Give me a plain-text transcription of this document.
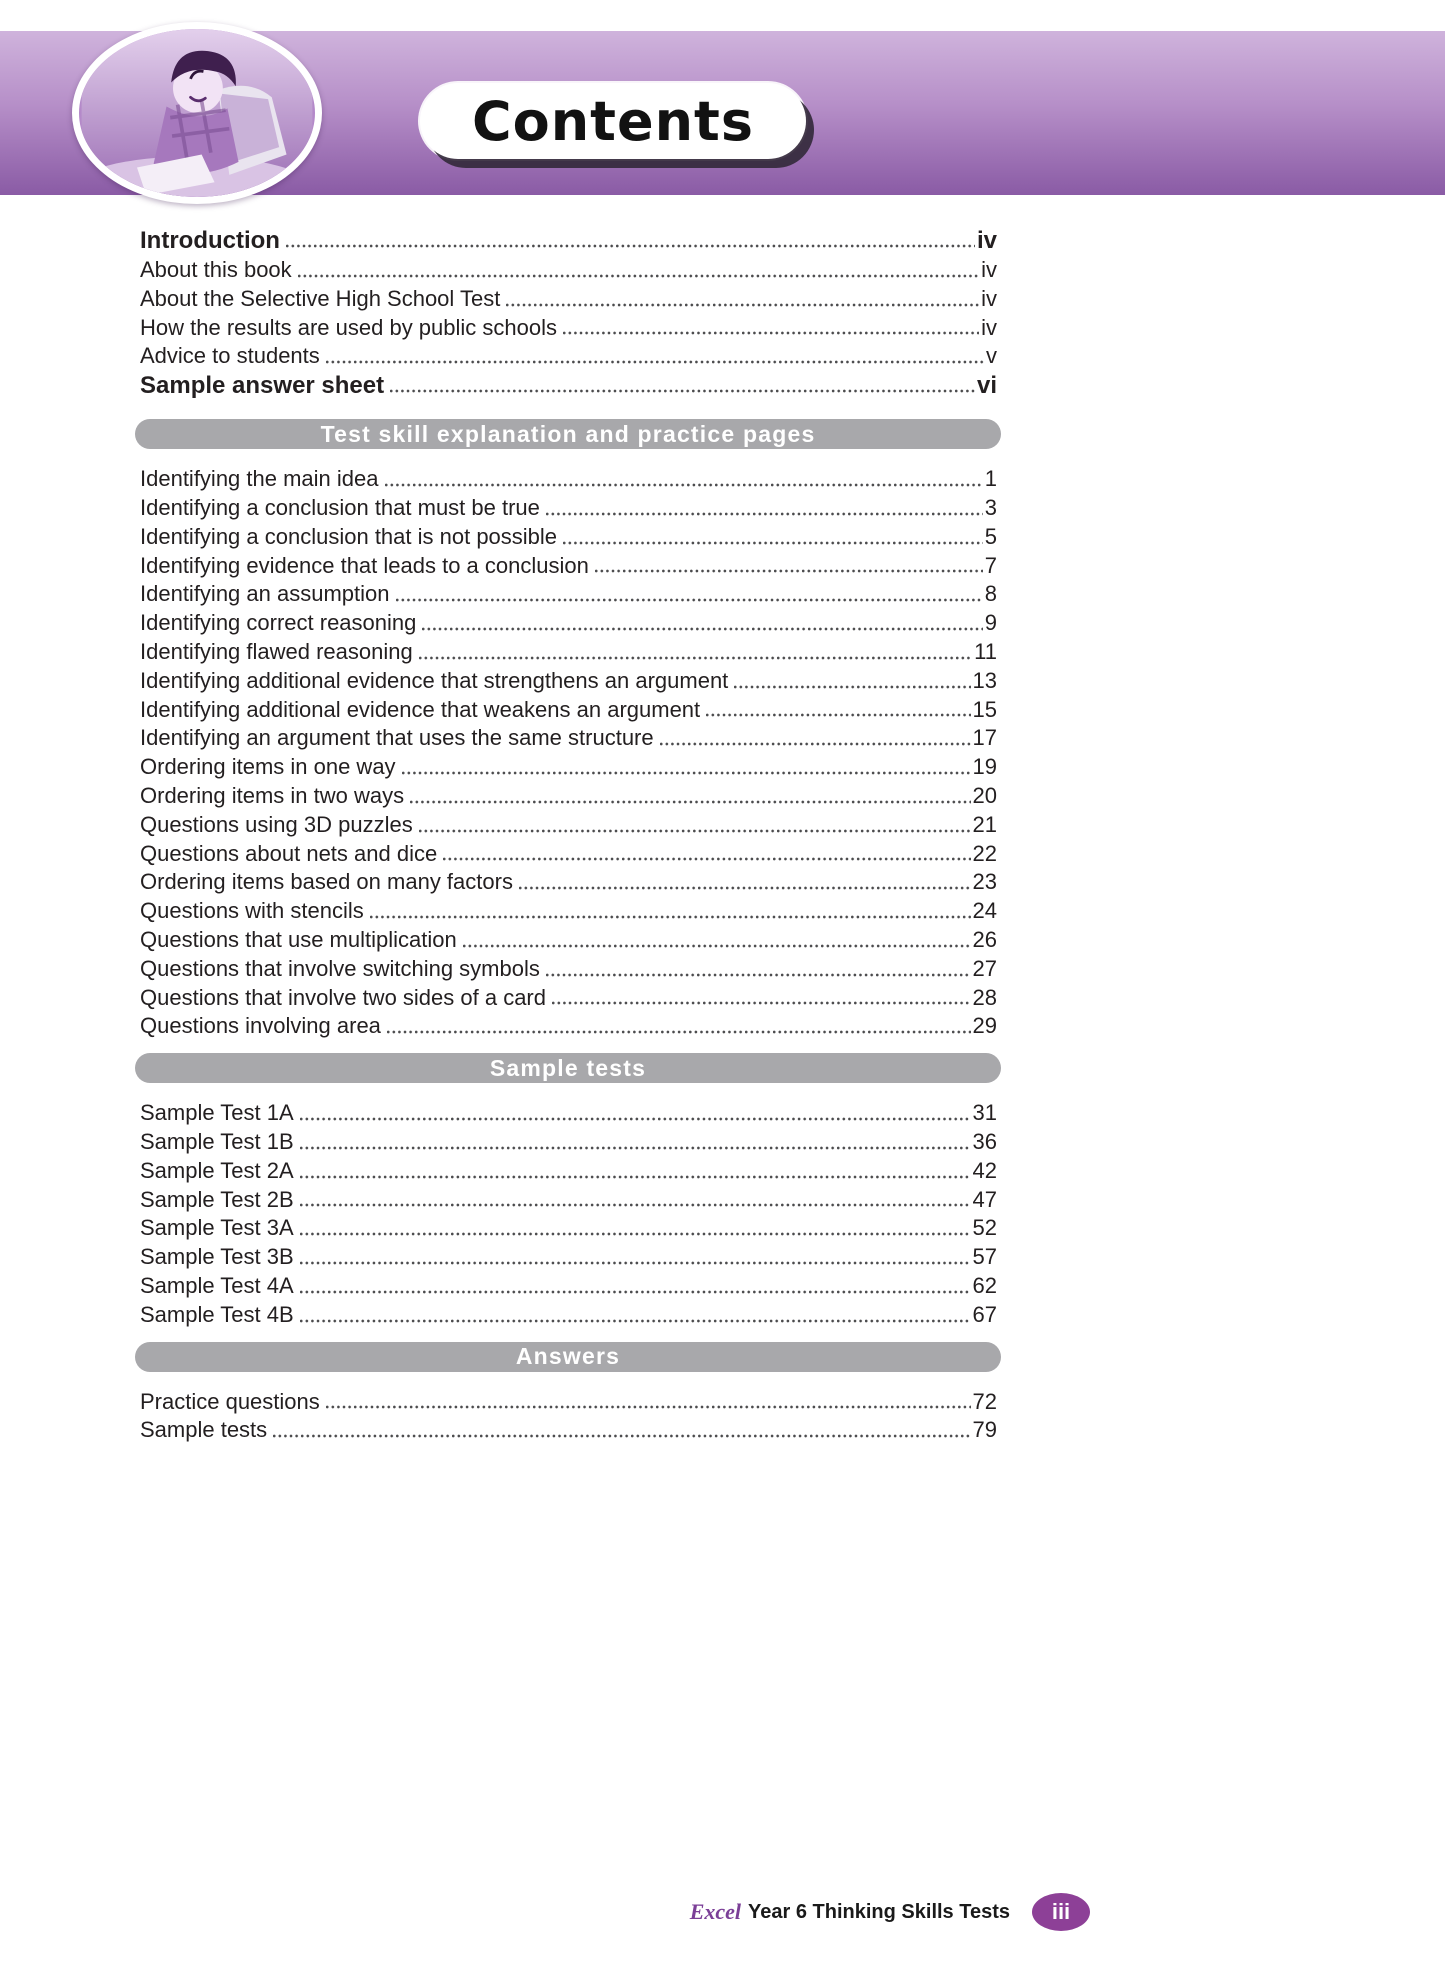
Contents
Introduction	iv
About this book	iv
About the Selective High School Test	iv
How the results are used by public schools	iv
Advice to students	v
Sample answer sheet	vi
Test skill explanation and practice pages
Identifying the main idea	1
Identifying a conclusion that must be true	3
Identifying a conclusion that is not possible	5
Identifying evidence that leads to a conclusion	7
Identifying an assumption	8
Identifying correct reasoning	9
Identifying flawed reasoning	11
Identifying additional evidence that strengthens an argument	13
Identifying additional evidence that weakens an argument	15
Identifying an argument that uses the same structure	17
Ordering items in one way	19
Ordering items in two ways	20
Questions using 3D puzzles	21
Questions about nets and dice	22
Ordering items based on many factors	23
Questions with stencils	24
Questions that use multiplication	26
Questions that involve switching symbols	27
Questions that involve two sides of a card	28
Questions involving area	29
Sample tests
Sample Test 1A	31
Sample Test 1B	36
Sample Test 2A	42
Sample Test 2B	47
Sample Test 3A	52
Sample Test 3B	57
Sample Test 4A	62
Sample Test 4B	67
Answers
Practice questions	72
Sample tests	79
Excel Year 6 Thinking Skills Tests	iii
